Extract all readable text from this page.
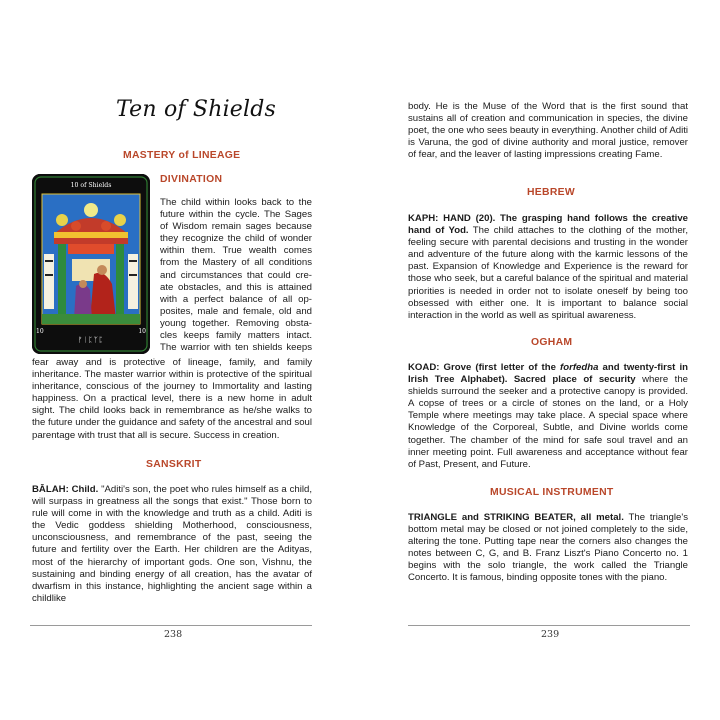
Ten of Shields
MASTERY of LINEAGE
10 of Shields
10	10
ᚠᛁᛈᛉᛈ
DIVINATION
The child within looks back to the
future within the cycle. The Sages
of Wisdom remain sages because
they recognize the child of wonder
within them. True wealth comes
from the Mastery of all conditions
and circumstances that could cre-
ate obstacles, and this is attained
with a perfect balance of all op-
posites, male and female, old and
young together. Removing obsta-
cles keeps family matters intact.
The warrior with ten shields keeps

fear away and is protective of lineage, family, and family inheritance. The master warrior within is protective of the spiritual inheritance, conscious of the journey to Immortality and lasting happiness. On a practical level, there is a new home in adult sight. The child looks back in remembrance as he/she walks to the future under the guidance and safety of the ancestral and soul parentage with trust that all is secure. Success in creation.

SANSKRIT

BĀLAH: Child. "Aditi's son, the poet who rules himself as a child, will surpass in greatness all the songs that exist." Those born to rule will come in with the knowledge and truth as a child. Aditi is the Vedic goddess shielding Motherhood, consciousness, unconsciousness, and remembrance of the past, seeing the future and fertility over the Earth. Her children are the Adityas, most of the hierarchy of important gods. One son, Vishnu, the sustaining and binding energy of all creation, has the avatar of dwarfism in this instance, highlighting the ancient sage within a childlike

238

body. He is the Muse of the Word that is the first sound that sustains all of creation and communication in species, the divine poet, the one who sees beauty in everything. Another child of Aditi is Varuna, the god of divine authority and moral justice, remover of fear, and the leaver of lasting impressions creating Fame.

HEBREW

KAPH: HAND (20). The grasping hand follows the creative hand of Yod. The child attaches to the clothing of the mother, feeling secure with parental decisions and trusting in the wonder and adventure of the future along with the karmic lessons of the past. Expansion of Knowledge and Experience is the reward for those who seek, but a careful balance of the spiritual and material priorities is needed in order not to isolate oneself by being too obsessed with either one. It is important to balance social interaction in the world as well as spiritual awareness.

OGHAM

KOAD: Grove (first letter of the forfedha and twenty-first in Irish Tree Alphabet). Sacred place of security where the shields surround the seeker and a protective canopy is provided. A copse of trees or a circle of stones on the land, or a Holy Temple where meetings may take place. A special space where Knowledge of the Corporeal, Subtle, and Divine worlds come together. The chamber of the mind for safe soul travel and an inner meeting point. Full awareness and acceptance without fear of Past, Present, and Future.

MUSICAL INSTRUMENT

TRIANGLE and STRIKING BEATER, all metal. The triangle's bottom metal may be closed or not joined completely to the side, altering the tone. Putting tape near the corners also changes the notes between C, G, and B. Franz Liszt's Piano Concerto no. 1 begins with the solo triangle, the work called the Triangle Concerto. It is famous, binding opposite tones with the piano.

239
